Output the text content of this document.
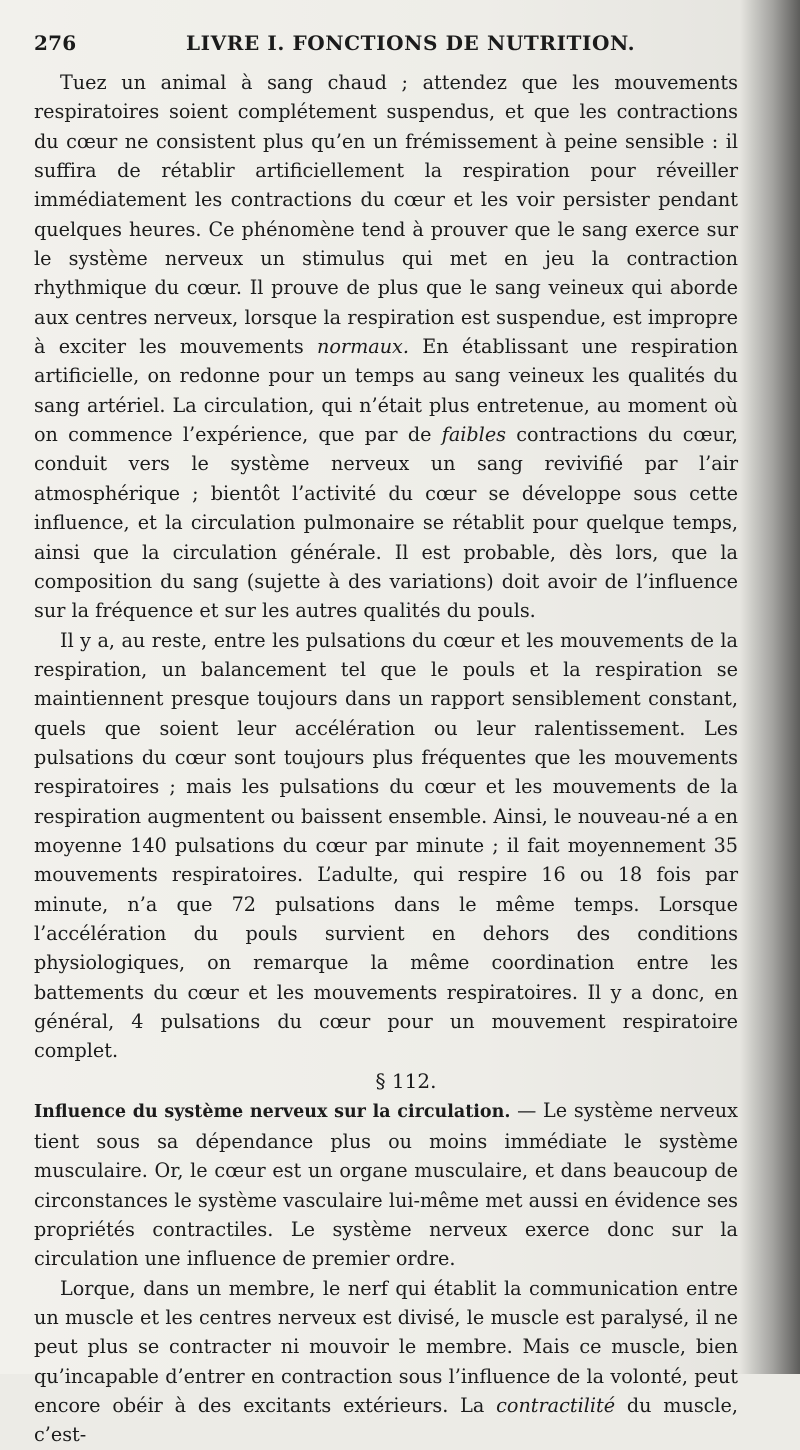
276	LIVRE I. FONCTIONS DE NUTRITION.

Tuez un animal à sang chaud ; attendez que les mouvements respiratoires soient complétement suspendus, et que les contractions du cœur ne consistent plus qu’en un frémissement à peine sensible : il suffira de rétablir artificiellement la respiration pour réveiller immédiatement les contractions du cœur et les voir persister pendant quelques heures. Ce phénomène tend à prouver que le sang exerce sur le système nerveux un stimulus qui met en jeu la contraction rhythmique du cœur. Il prouve de plus que le sang veineux qui aborde aux centres nerveux, lorsque la respiration est suspendue, est impropre à exciter les mouvements normaux. En établissant une respiration artificielle, on redonne pour un temps au sang veineux les qualités du sang artériel. La circulation, qui n’était plus entretenue, au moment où on commence l’expérience, que par de faibles contractions du cœur, conduit vers le système nerveux un sang revivifié par l’air atmosphérique ; bientôt l’activité du cœur se développe sous cette influence, et la circulation pulmonaire se rétablit pour quelque temps, ainsi que la circulation générale. Il est probable, dès lors, que la composition du sang (sujette à des variations) doit avoir de l’influence sur la fréquence et sur les autres qualités du pouls.

Il y a, au reste, entre les pulsations du cœur et les mouvements de la respiration, un balancement tel que le pouls et la respiration se maintiennent presque toujours dans un rapport sensiblement constant, quels que soient leur accélération ou leur ralentissement. Les pulsations du cœur sont toujours plus fréquentes que les mouvements respiratoires ; mais les pulsations du cœur et les mouvements de la respiration augmentent ou baissent ensemble. Ainsi, le nouveau-né a en moyenne 140 pulsations du cœur par minute ; il fait moyennement 35 mouvements respiratoires. L’adulte, qui respire 16 ou 18 fois par minute, n’a que 72 pulsations dans le même temps. Lorsque l’accélération du pouls survient en dehors des conditions physiologiques, on remarque la même coordination entre les battements du cœur et les mouvements respiratoires. Il y a donc, en général, 4 pulsations du cœur pour un mouvement respiratoire complet.

§ 112.

Influence du système nerveux sur la circulation. — Le système nerveux tient sous sa dépendance plus ou moins immédiate le système musculaire. Or, le cœur est un organe musculaire, et dans beaucoup de circonstances le système vasculaire lui-même met aussi en évidence ses propriétés contractiles. Le système nerveux exerce donc sur la circulation une influence de premier ordre.

Lorque, dans un membre, le nerf qui établit la communication entre un muscle et les centres nerveux est divisé, le muscle est paralysé, il ne peut plus se contracter ni mouvoir le membre. Mais ce muscle, bien qu’incapable d’entrer en contraction sous l’influence de la volonté, peut encore obéir à des excitants extérieurs. La contractilité du muscle, c’est-
